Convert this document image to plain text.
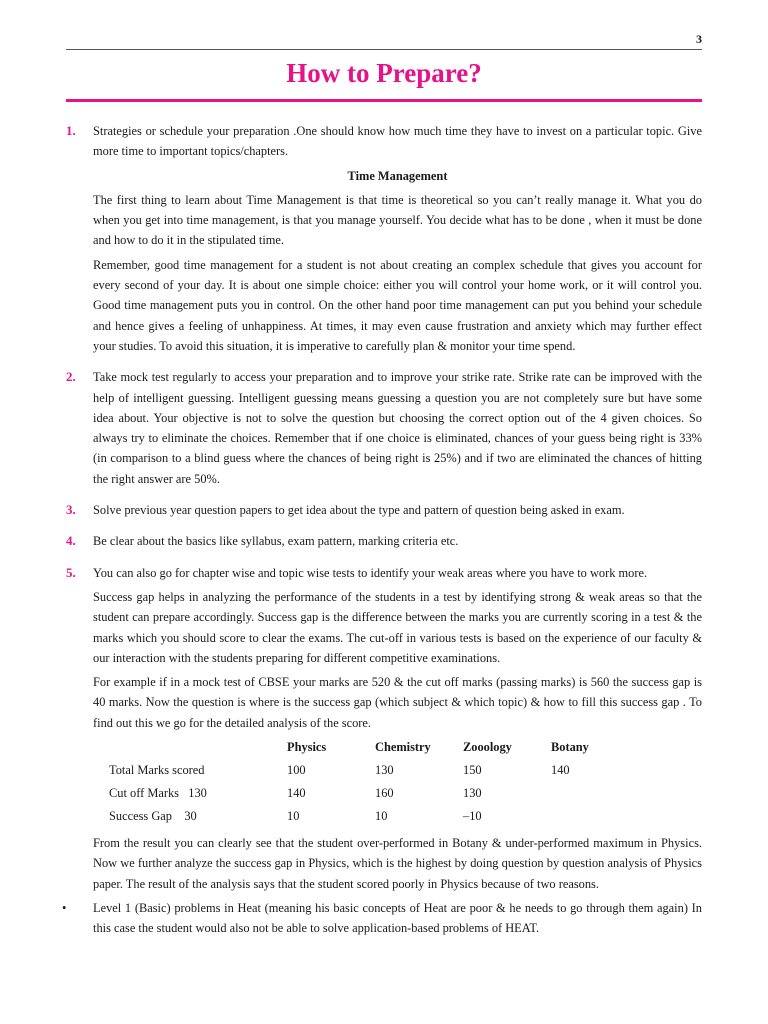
3
How to Prepare?
1. Strategies or schedule your preparation .One should know how much time they have to invest on a particular topic. Give more time to important topics/chapters.

Time Management

The first thing to learn about Time Management is that time is theoretical so you can’t really manage it. What you do when you get into time management, is that you manage yourself. You decide what has to be done , when it must be done and how to do it in the stipulated time.

Remember, good time management for a student is not about creating an complex schedule that gives you account for every second of your day. It is about one simple choice: either you will control your home work, or it will control you. Good time management puts you in control. On the other hand poor time management can put you behind your schedule and hence gives a feeling of unhappiness. At times, it may even cause frustration and anxiety which may further effect your studies. To avoid this situation, it is imperative to carefully plan & monitor your time spend.

2. Take mock test regularly to access your preparation and to improve your strike rate. Strike rate can be improved with the help of intelligent guessing. Intelligent guessing means guessing a question you are not completely sure but have some idea about. Your objective is not to solve the question but choosing the correct option out of the 4 given choices. So always try to eliminate the choices. Remember that if one choice is eliminated, chances of your guess being right is 33% (in comparison to a blind guess where the chances of being right is 25%) and if two are eliminated the chances of hitting the right answer are 50%.

3. Solve previous year question papers to get idea about the type and pattern of question being asked in exam.

4. Be clear about the basics like syllabus, exam pattern, marking criteria etc.

5. You can also go for chapter wise and topic wise tests to identify your weak areas where you have to work more.

Success gap helps in analyzing the performance of the students in a test by identifying strong & weak areas so that the student can prepare accordingly. Success gap is the difference between the marks you are currently scoring in a test & the marks which you should score to clear the exams. The cut-off in various tests is based on the experience of our faculty & our interaction with the students preparing for different competitive examinations.

For example if in a mock test of CBSE your marks are 520 & the cut off marks (passing marks) is 560 the success gap is 40 marks. Now the question is where is the success gap (which subject & which topic) & how to fill this success gap . To find out this we go for the detailed analysis of the score.

	Physics	Chemistry	Zooology	Botany
Total Marks scored	100	130	150	140
Cut off Marks   130	140	160	130	
Success Gap    30	10	10	–10	

From the result you can clearly see that the student over-performed in Botany & under-performed maximum in Physics. Now we further analyze the success gap in Physics, which is the highest by doing question by question analysis of Physics paper. The result of the analysis says that the student scored poorly in Physics because of two reasons.

• Level 1 (Basic) problems in Heat (meaning his basic concepts of Heat are poor & he needs to go through them again) In this case the student would also not be able to solve application-based problems of HEAT.
